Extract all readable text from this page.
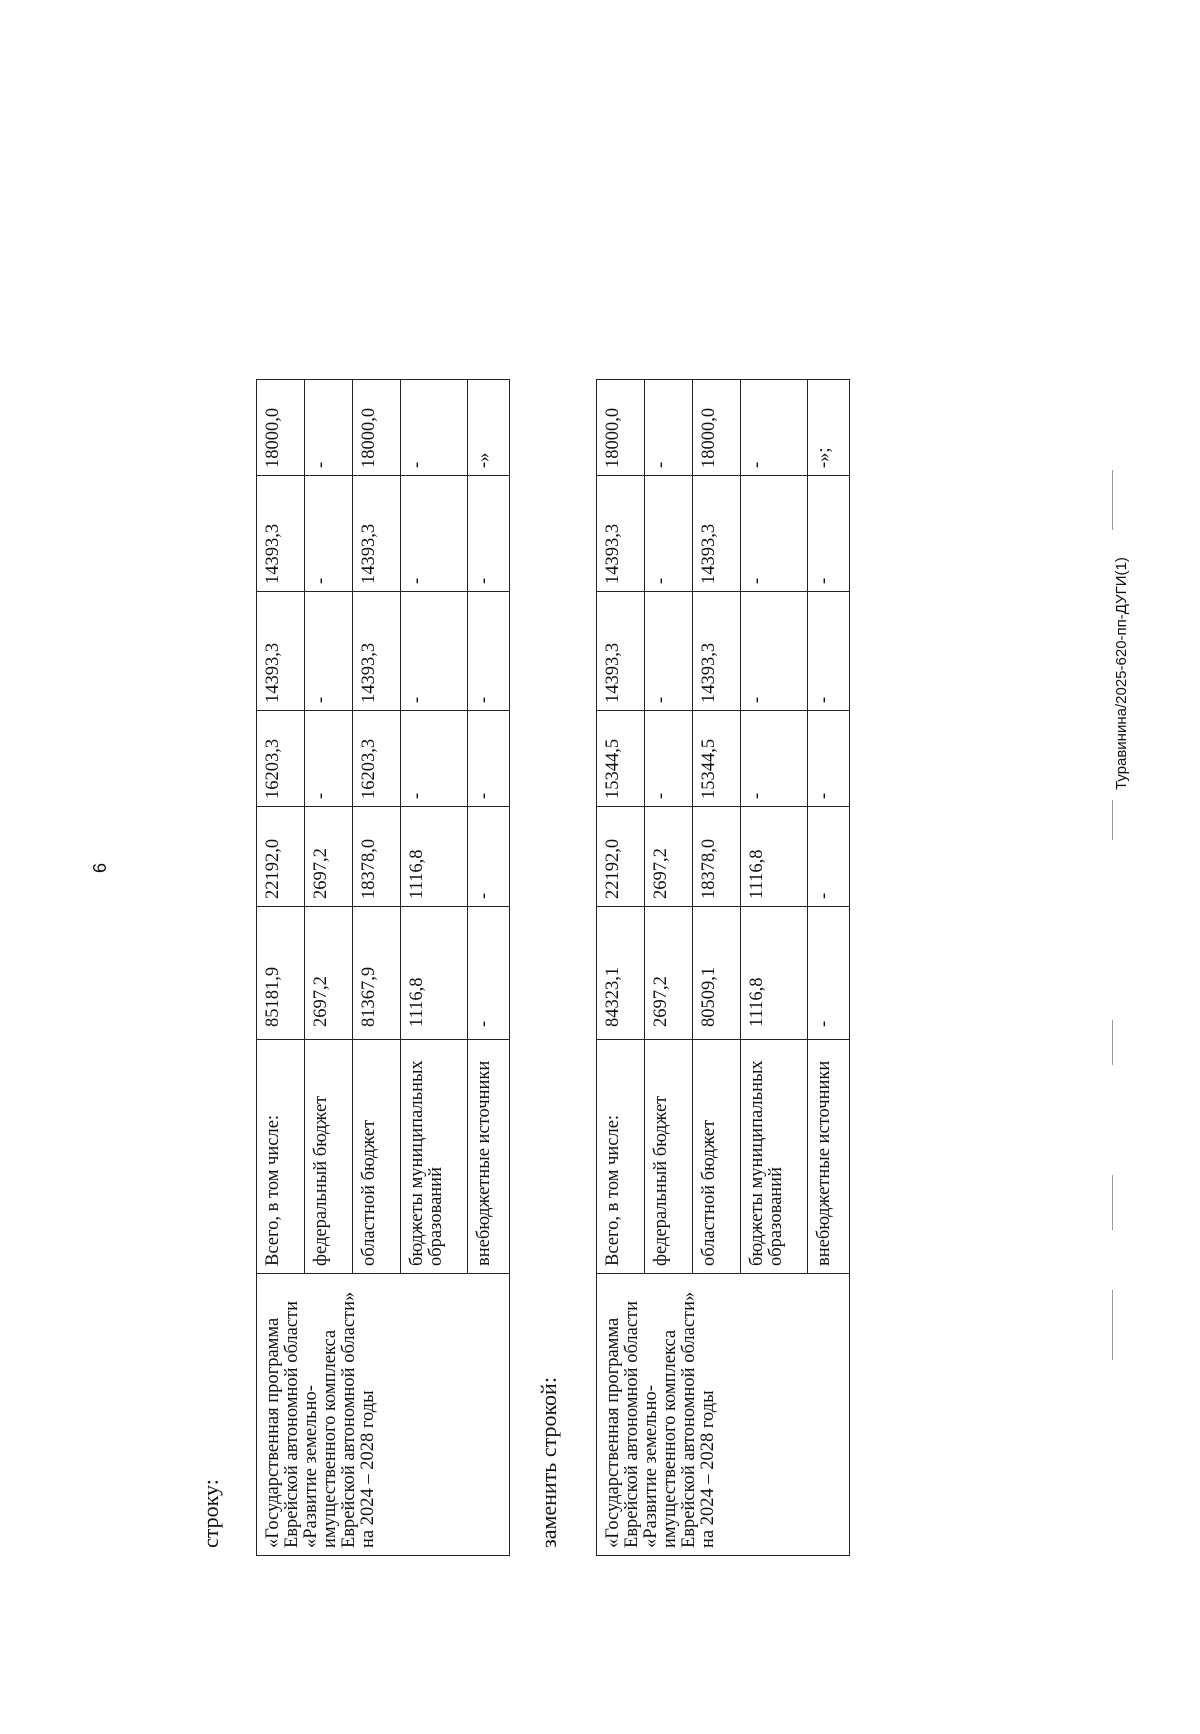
6
Туравинина/2025-620-пп-ДУГИ(1)
строку: «Государственная программа Еврейской автономной области «Развитие земельно-имущественного комплекса Еврейской автономной области» на 2024 – 2028 годы	Всего, в том числе:	85181,9	22192,0	16203,3	14393,3	14393,3	18000,0
	федеральный бюджет	2697,2	2697,2	-	-	-	-
	областной бюджет	81367,9	18378,0	16203,3	14393,3	14393,3	18000,0
	бюджеты муниципальных образований	1116,8	1116,8	-	-	-	-
	внебюджетные источники	-	-	-	-	-	-»
заменить строкой: «Государственная программа Еврейской автономной области «Развитие земельно-имущественного комплекса Еврейской автономной области» на 2024 – 2028 годы	Всего, в том числе:	84323,1	22192,0	15344,5	14393,3	14393,3	18000,0
	федеральный бюджет	2697,2	2697,2	-	-	-	-
	областной бюджет	80509,1	18378,0	15344,5	14393,3	14393,3	18000,0
	бюджеты муниципальных образований	1116,8	1116,8	-	-	-	-
	внебюджетные источники	-	-	-	-	-	-»;
